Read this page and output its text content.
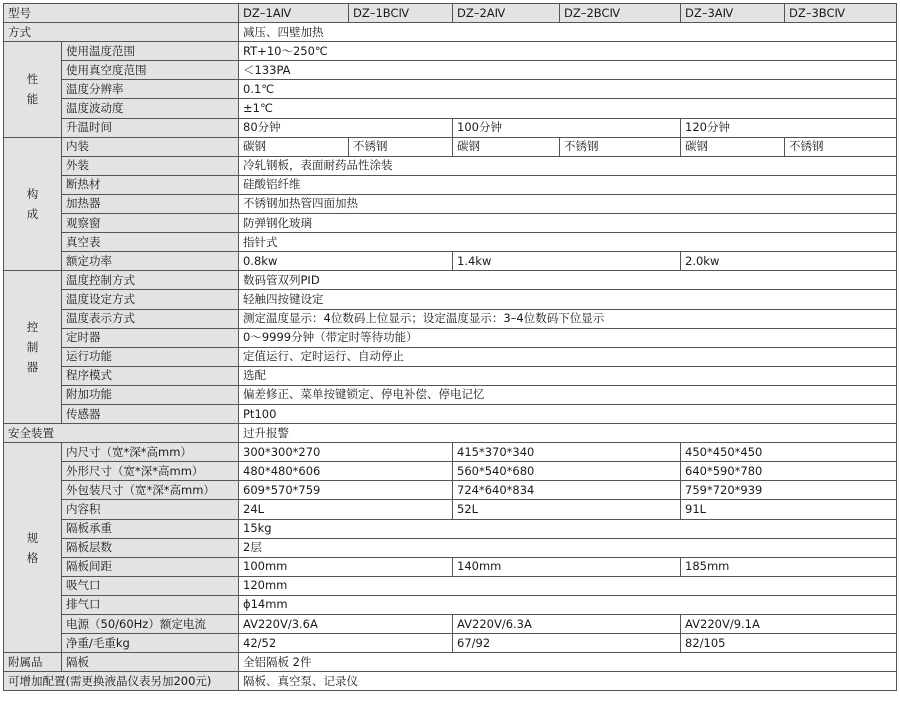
型号		DZ–1AⅣ	DZ–1BCⅣ	DZ–2AⅣ	DZ–2BCⅣ	DZ–3AⅣ	DZ–3BCⅣ
方式		减压、四壁加热					

性
能	使用温度范围	RT+10～250℃					
	使用真空度范围	＜133PA					
	温度分辨率	0.1℃					
	温度波动度	±1℃					
	升温时间	80分钟		100分钟		120分钟	

构
成	内装	碳钢	不锈钢	碳钢	不锈钢	碳钢	不锈钢
	外装	冷轧钢板，表面耐药品性涂装					
	断热材	硅酸铝纤维					
	加热器	不锈钢加热管四面加热					
	观察窗	防弹钢化玻璃					
	真空表	指针式					
	额定功率	0.8kw		1.4kw		2.0kw	

控
制
器	温度控制方式	数码管双列PID					
	温度设定方式	轻触四按键设定					
	温度表示方式	测定温度显示：4位数码上位显示；设定温度显示：3–4位数码下位显示					
	定时器	0～9999分钟（带定时等待功能）					
	运行功能	定值运行、定时运行、自动停止					
	程序模式	选配					
	附加功能	偏差修正、菜单按键锁定、停电补偿、停电记忆					
	传感器	Pt100					
安全装置		过升报警					

规
格	内尺寸（宽*深*高mm）	300*300*270		415*370*340		450*450*450	
	外形尺寸（宽*深*高mm）	480*480*606		560*540*680		640*590*780	
	外包装尺寸（宽*深*高mm）	609*570*759		724*640*834		759*720*939	
	内容积	24L		52L		91L	
	隔板承重	15kg					
	隔板层数	2层					
	隔板间距	100mm		140mm		185mm	
	吸气口	120mm					
	排气口	ϕ14mm					
	电源（50/60Hz）额定电流	AV220V/3.6A		AV220V/6.3A		AV220V/9.1A	
	净重/毛重kg	42/52		67/92		82/105	
附属品	隔板	全铝隔板 2件					
可增加配置(需更换液晶仪表另加200元)		隔板、真空泵、记录仪					
